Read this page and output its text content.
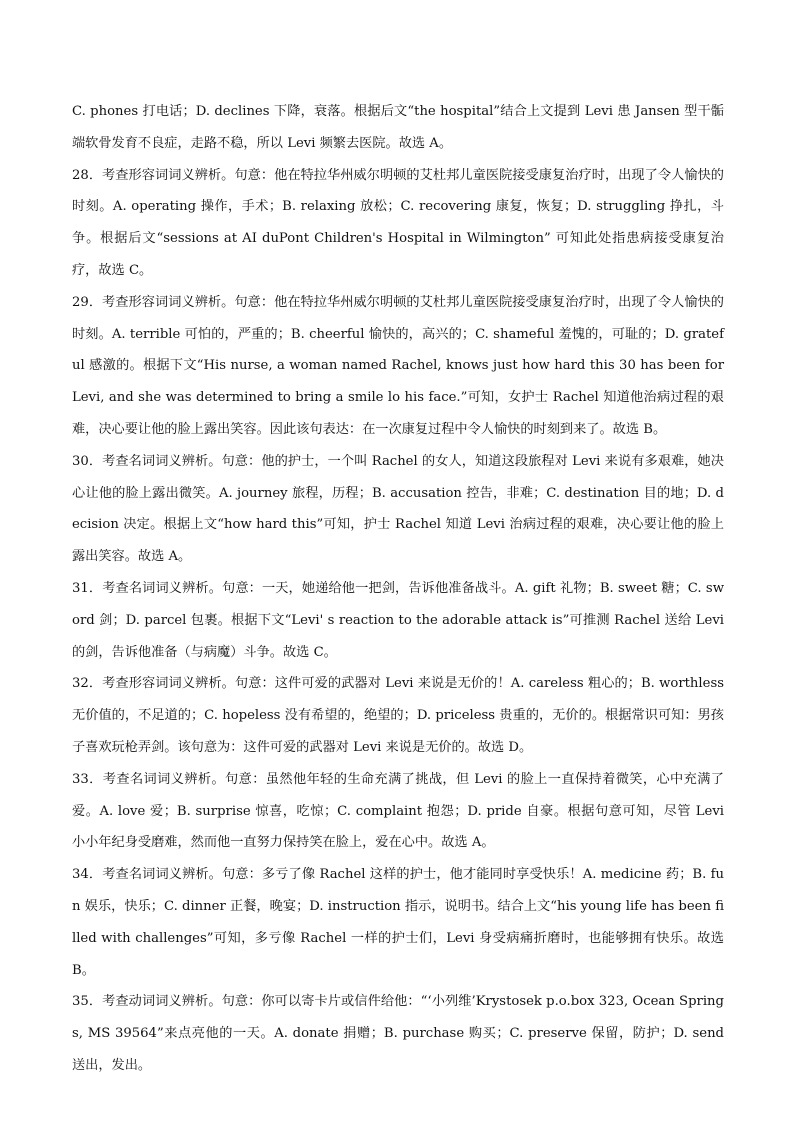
C. phones 打电话；D. declines 下降，衰落。根据后文“the hospital”结合上文提到 Levi 患 Jansen 型干骺端软骨发育不良症，走路不稳，所以 Levi 频繁去医院。故选 A。

28．考查形容词词义辨析。句意：他在特拉华州威尔明顿的艾杜邦儿童医院接受康复治疗时，出现了令人愉快的时刻。A. operating 操作，手术；B. relaxing 放松；C. recovering 康复，恢复；D. struggling 挣扎，斗争。根据后文“sessions at AI duPont Children's Hospital in Wilmington” 可知此处指患病接受康复治疗，故选 C。

29．考查形容词词义辨析。句意：他在特拉华州威尔明顿的艾杜邦儿童医院接受康复治疗时，出现了令人愉快的时刻。A. terrible 可怕的，严重的；B. cheerful 愉快的，高兴的；C. shameful 羞愧的，可耻的；D. grateful 感激的。根据下文“His nurse, a woman named Rachel, knows just how hard this 30 has been for Levi, and she was determined to bring a smile lo his face.”可知，女护士 Rachel 知道他治病过程的艰难，决心要让他的脸上露出笑容。因此该句表达：在一次康复过程中令人愉快的时刻到来了。故选 B。

30．考查名词词义辨析。句意：他的护士，一个叫 Rachel 的女人，知道这段旅程对 Levi 来说有多艰难，她决心让他的脸上露出微笑。A. journey 旅程，历程；B. accusation 控告，非难；C. destination 目的地；D. decision 决定。根据上文“how hard this”可知，护士 Rachel 知道 Levi 治病过程的艰难，决心要让他的脸上露出笑容。故选 A。

31．考查名词词义辨析。句意：一天，她递给他一把剑，告诉他准备战斗。A. gift 礼物；B. sweet 糖；C. sword 剑；D. parcel 包裹。根据下文“Levi' s reaction to the adorable attack is”可推测 Rachel 送给 Levi 的剑，告诉他准备（与病魔）斗争。故选 C。

32．考查形容词词义辨析。句意：这件可爱的武器对 Levi 来说是无价的！A. careless 粗心的；B. worthless 无价值的，不足道的；C. hopeless 没有希望的，绝望的；D. priceless 贵重的，无价的。根据常识可知：男孩子喜欢玩枪弄剑。该句意为：这件可爱的武器对 Levi 来说是无价的。故选 D。

33．考查名词词义辨析。句意：虽然他年轻的生命充满了挑战，但 Levi 的脸上一直保持着微笑，心中充满了爱。A. love 爱；B. surprise 惊喜，吃惊；C. complaint 抱怨；D. pride 自豪。根据句意可知，尽管 Levi 小小年纪身受磨难，然而他一直努力保持笑在脸上，爱在心中。故选 A。

34．考查名词词义辨析。句意：多亏了像 Rachel 这样的护士，他才能同时享受快乐！A. medicine 药；B. fun 娱乐，快乐；C. dinner 正餐，晚宴；D. instruction 指示，说明书。结合上文“his young life has been filled with challenges”可知，多亏像 Rachel 一样的护士们，Levi 身受病痛折磨时，也能够拥有快乐。故选 B。

35．考查动词词义辨析。句意：你可以寄卡片或信件给他：“‘小列维’Krystosek p.o.box 323, Ocean Springs, MS 39564”来点亮他的一天。A. donate 捐赠；B. purchase 购买；C. preserve 保留，防护；D. send 送出，发出。
